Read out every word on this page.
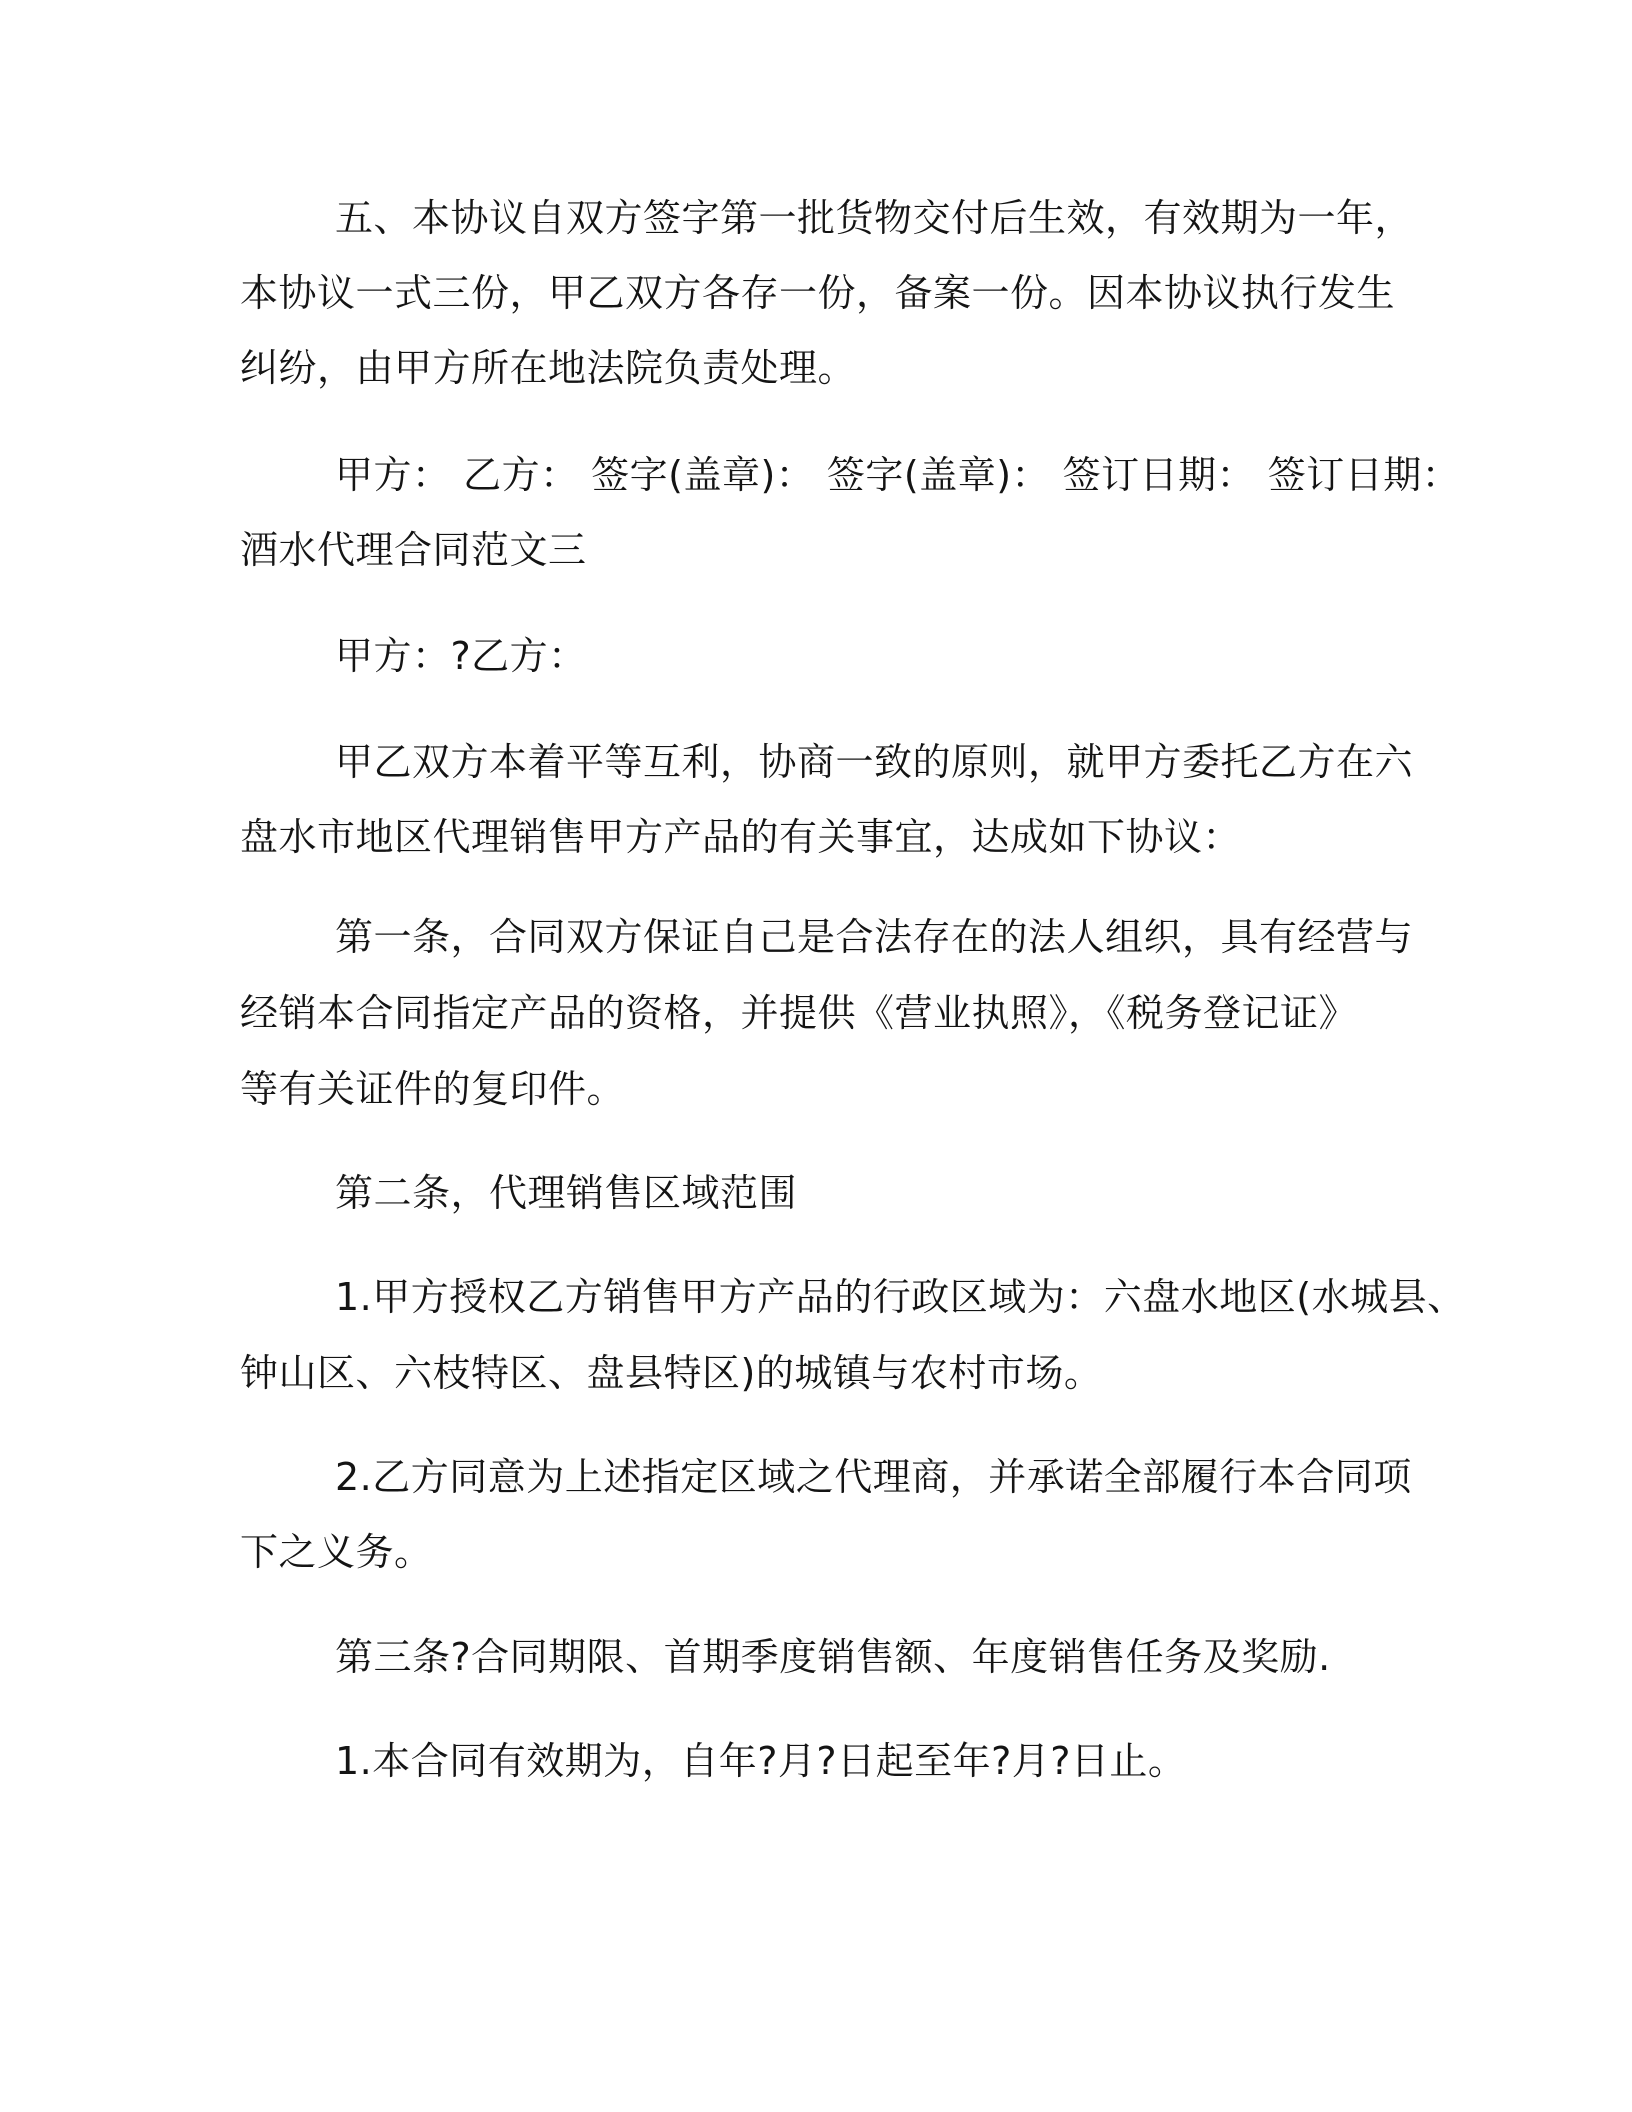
五、本协议自双方签字第一批货物交付后生效，有效期为一年，
本协议一式三份，甲乙双方各存一份，备案一份。因本协议执行发生
纠纷，由甲方所在地法院负责处理。
甲方： 乙方： 签字(盖章)： 签字(盖章)： 签订日期： 签订日期：
酒水代理合同范文三
甲方：?乙方：
甲乙双方本着平等互利，协商一致的原则，就甲方委托乙方在六
盘水市地区代理销售甲方产品的有关事宜，达成如下协议：
第一条，合同双方保证自己是合法存在的法人组织，具有经营与
经销本合同指定产品的资格，并提供《营业执照》，《税务登记证》
等有关证件的复印件。
第二条，代理销售区域范围
1.甲方授权乙方销售甲方产品的行政区域为：六盘水地区(水城县、
钟山区、六枝特区、盘县特区)的城镇与农村市场。
2.乙方同意为上述指定区域之代理商，并承诺全部履行本合同项
下之义务。
第三条?合同期限、首期季度销售额、年度销售任务及奖励.
1.本合同有效期为，自年?月?日起至年?月?日止。
